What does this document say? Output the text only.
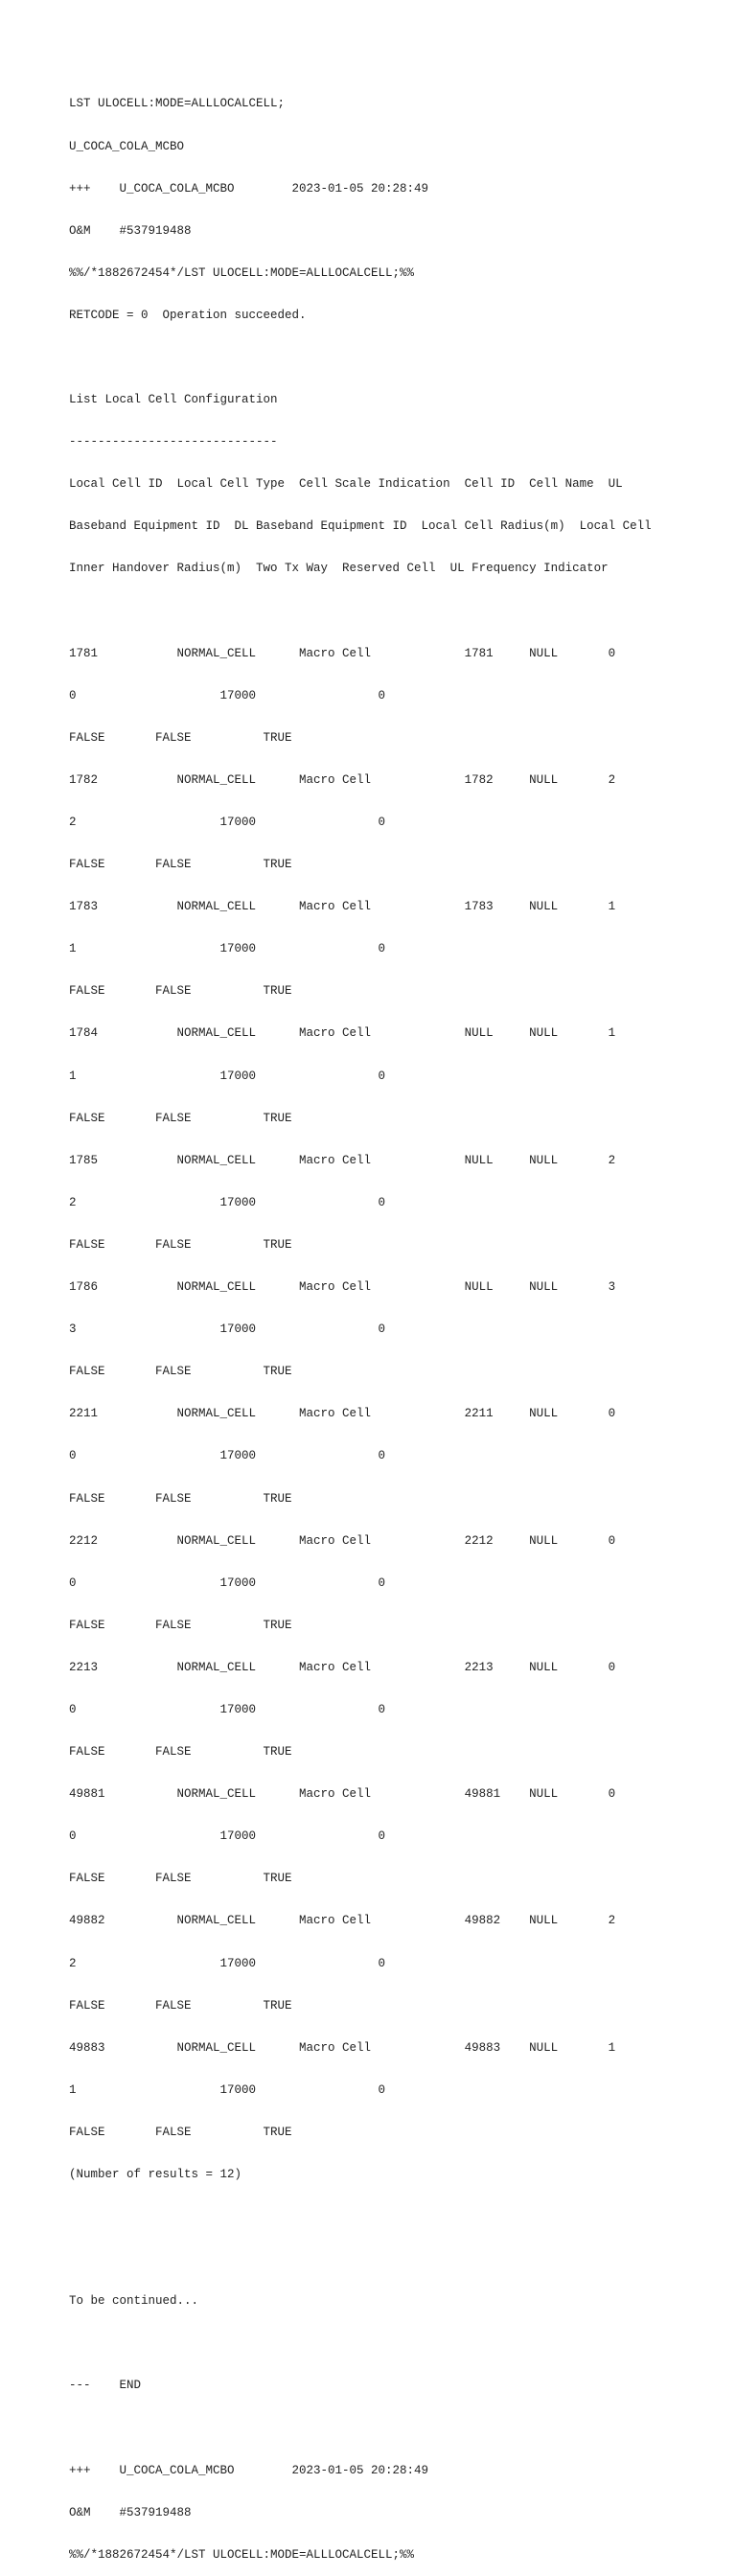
LST ULOCELL:MODE=ALLLOCALCELL;

U_COCA_COLA_MCBO

+++    U_COCA_COLA_MCBO        2023-01-05 20:28:49

O&M    #537919488

%%/*1882672454*/LST ULOCELL:MODE=ALLLOCALCELL;%%

RETCODE = 0  Operation succeeded.

List Local Cell Configuration

-----------------------------

Local Cell ID  Local Cell Type  Cell Scale Indication  Cell ID  Cell Name  UL

Baseband Equipment ID  DL Baseband Equipment ID  Local Cell Radius(m)  Local Cell

Inner Handover Radius(m)  Two Tx Way  Reserved Cell  UL Frequency Indicator

1781           NORMAL_CELL      Macro Cell             1781     NULL       0

0                    17000                 0

FALSE       FALSE          TRUE

1782           NORMAL_CELL      Macro Cell             1782     NULL       2

2                    17000                 0

FALSE       FALSE          TRUE

1783           NORMAL_CELL      Macro Cell             1783     NULL       1

1                    17000                 0

FALSE       FALSE          TRUE

1784           NORMAL_CELL      Macro Cell             NULL     NULL       1

1                    17000                 0

FALSE       FALSE          TRUE

1785           NORMAL_CELL      Macro Cell             NULL     NULL       2

2                    17000                 0

FALSE       FALSE          TRUE

1786           NORMAL_CELL      Macro Cell             NULL     NULL       3

3                    17000                 0

FALSE       FALSE          TRUE

2211           NORMAL_CELL      Macro Cell             2211     NULL       0

0                    17000                 0

FALSE       FALSE          TRUE

2212           NORMAL_CELL      Macro Cell             2212     NULL       0

0                    17000                 0

FALSE       FALSE          TRUE

2213           NORMAL_CELL      Macro Cell             2213     NULL       0

0                    17000                 0

FALSE       FALSE          TRUE

49881          NORMAL_CELL      Macro Cell             49881    NULL       0

0                    17000                 0

FALSE       FALSE          TRUE

49882          NORMAL_CELL      Macro Cell             49882    NULL       2

2                    17000                 0

FALSE       FALSE          TRUE

49883          NORMAL_CELL      Macro Cell             49883    NULL       1

1                    17000                 0

FALSE       FALSE          TRUE

(Number of results = 12)

To be continued...

---    END

+++    U_COCA_COLA_MCBO        2023-01-05 20:28:49

O&M    #537919488

%%/*1882672454*/LST ULOCELL:MODE=ALLLOCALCELL;%%
